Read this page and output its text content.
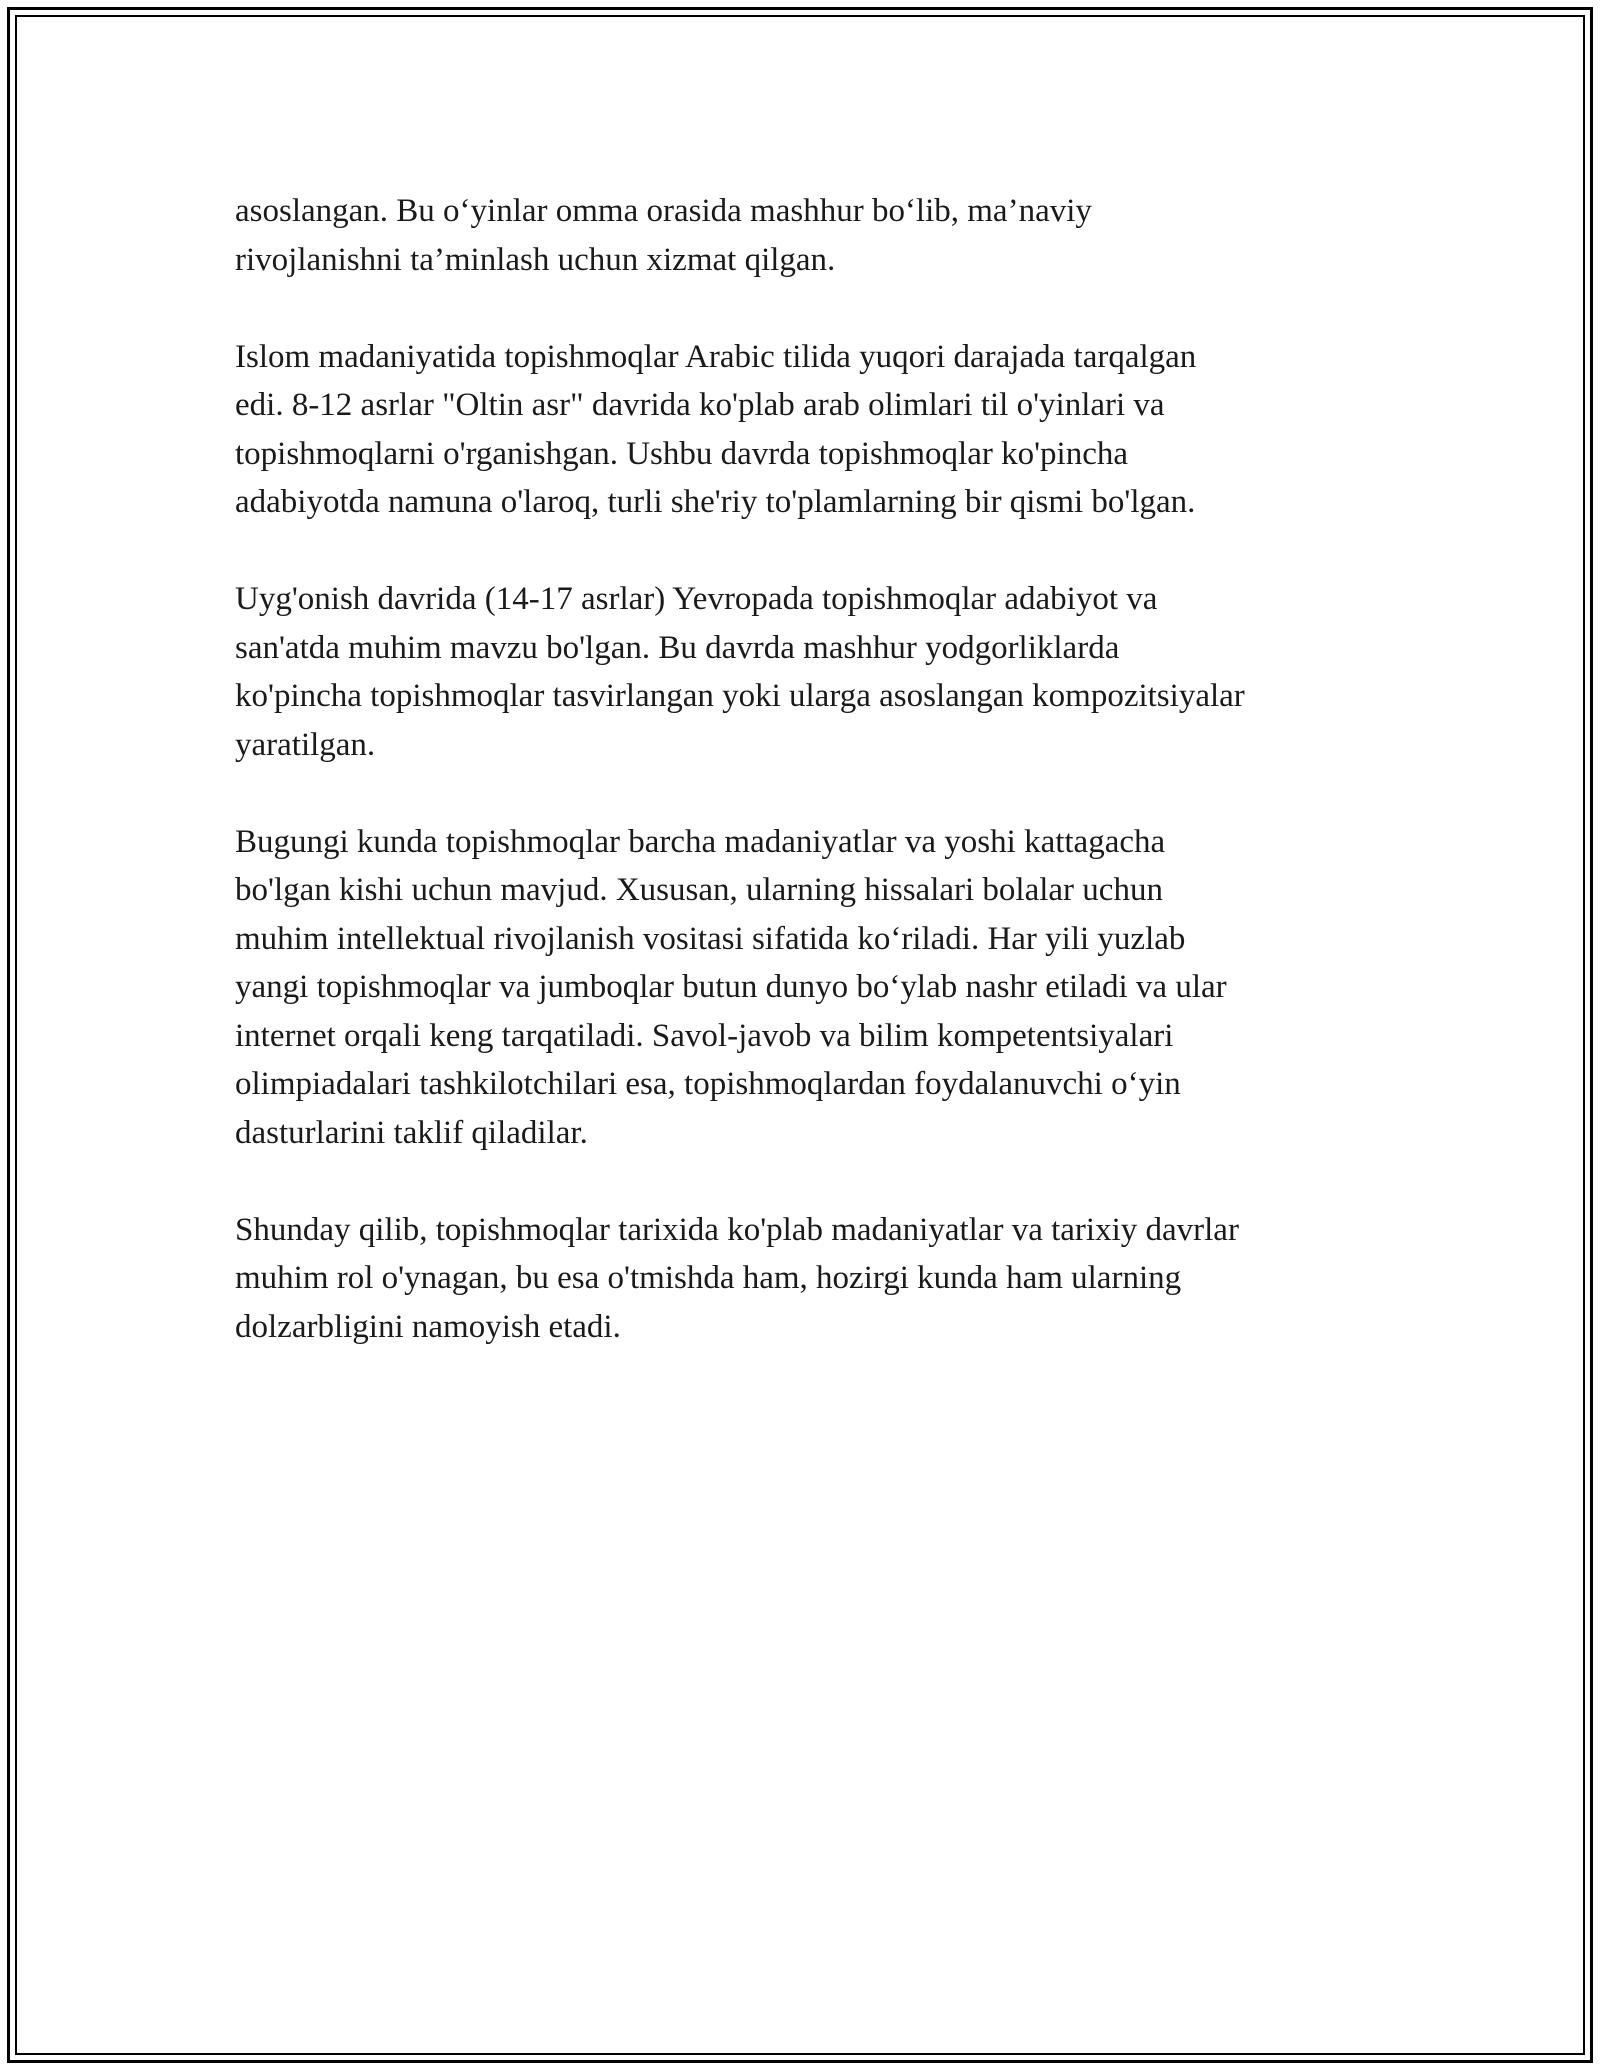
asoslangan. Bu o‘yinlar omma orasida mashhur bo‘lib, ma’naviy
rivojlanishni ta’minlash uchun xizmat qilgan.

Islom madaniyatida topishmoqlar Arabic tilida yuqori darajada tarqalgan
edi. 8-12 asrlar "Oltin asr" davrida ko'plab arab olimlari til o'yinlari va
topishmoqlarni o'rganishgan. Ushbu davrda topishmoqlar ko'pincha
adabiyotda namuna o'laroq, turli she'riy to'plamlarning bir qismi bo'lgan.

Uyg'onish davrida (14-17 asrlar) Yevropada topishmoqlar adabiyot va
san'atda muhim mavzu bo'lgan. Bu davrda mashhur yodgorliklarda
ko'pincha topishmoqlar tasvirlangan yoki ularga asoslangan kompozitsiyalar
yaratilgan.

Bugungi kunda topishmoqlar barcha madaniyatlar va yoshi kattagacha
bo'lgan kishi uchun mavjud. Xususan, ularning hissalari bolalar uchun
muhim intellektual rivojlanish vositasi sifatida ko‘riladi. Har yili yuzlab
yangi topishmoqlar va jumboqlar butun dunyo bo‘ylab nashr etiladi va ular
internet orqali keng tarqatiladi. Savol-javob va bilim kompetentsiyalari
olimpiadalari tashkilotchilari esa, topishmoqlardan foydalanuvchi o‘yin
dasturlarini taklif qiladilar.

Shunday qilib, topishmoqlar tarixida ko'plab madaniyatlar va tarixiy davrlar
muhim rol o'ynagan, bu esa o'tmishda ham, hozirgi kunda ham ularning
dolzarbligini namoyish etadi.
